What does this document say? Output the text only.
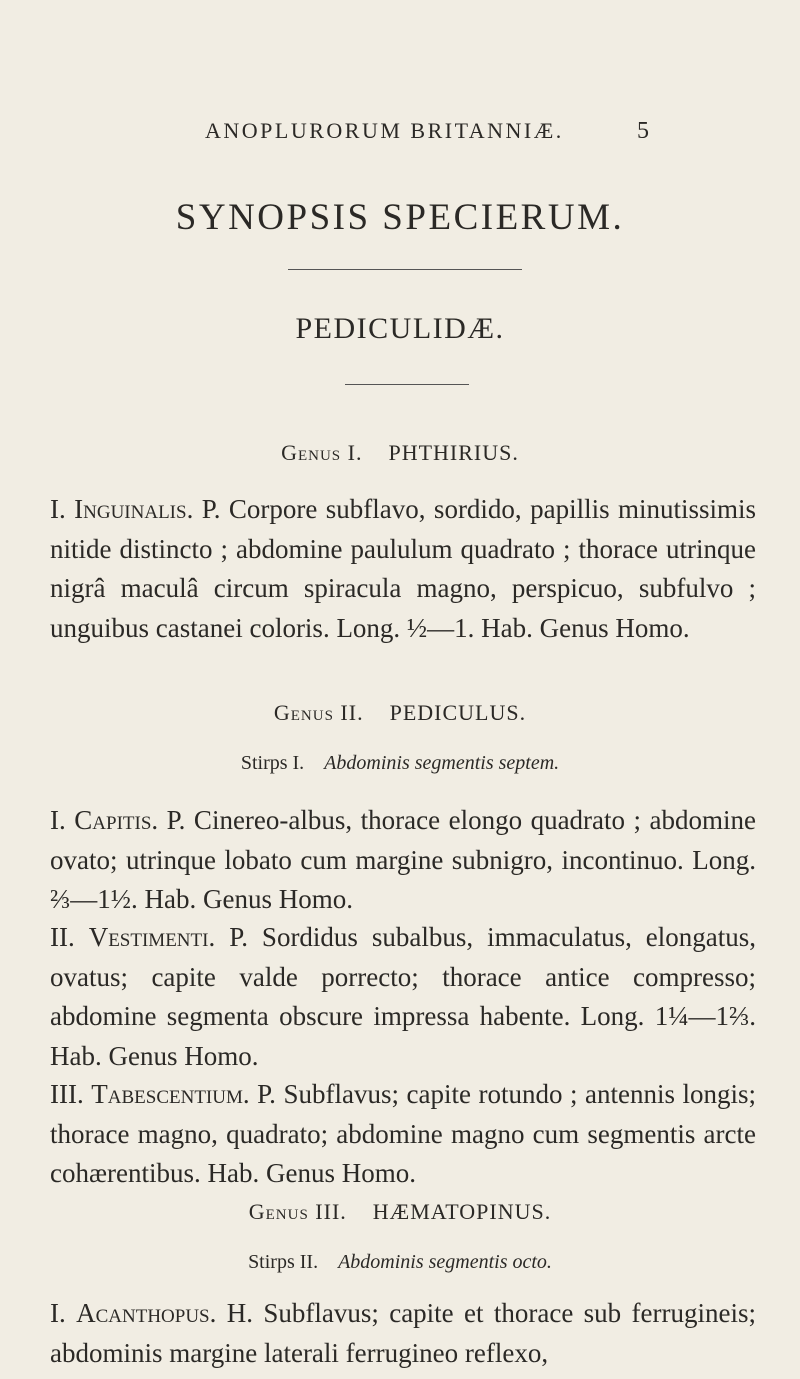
ANOPLURORUM BRITANNIÆ.	5
SYNOPSIS SPECIERUM.
PEDICULIDÆ.
Genus I. PHTHIRIUS.

I. Inguinalis. P. Corpore subflavo, sordido, papillis minutissimis nitide distincto ; abdomine paululum quadrato ; thorace utrinque nigrâ maculâ circum spiracula magno, perspicuo, subfulvo ; unguibus castanei coloris. Long. ½—1. Hab. Genus Homo.

Genus II. PEDICULUS.
Stirps I. Abdominis segmentis septem.

I. Capitis. P. Cinereo-albus, thorace elongo quadrato ; abdomine ovato; utrinque lobato cum margine subnigro, incontinuo. Long. ⅔—1½. Hab. Genus Homo.

II. Vestimenti. P. Sordidus subalbus, immaculatus, elongatus, ovatus; capite valde porrecto; thorace antice compresso; abdomine segmenta obscure impressa habente. Long. 1¼—1⅔. Hab. Genus Homo.

III. Tabescentium. P. Subflavus; capite rotundo ; antennis longis; thorace magno, quadrato; abdomine magno cum segmentis arcte cohærentibus. Hab. Genus Homo.

Genus III. HÆMATOPINUS.
Stirps II. Abdominis segmentis octo.

I. Acanthopus. H. Subflavus; capite et thorace sub ferrugineis; abdominis margine laterali ferrugineo reflexo,
